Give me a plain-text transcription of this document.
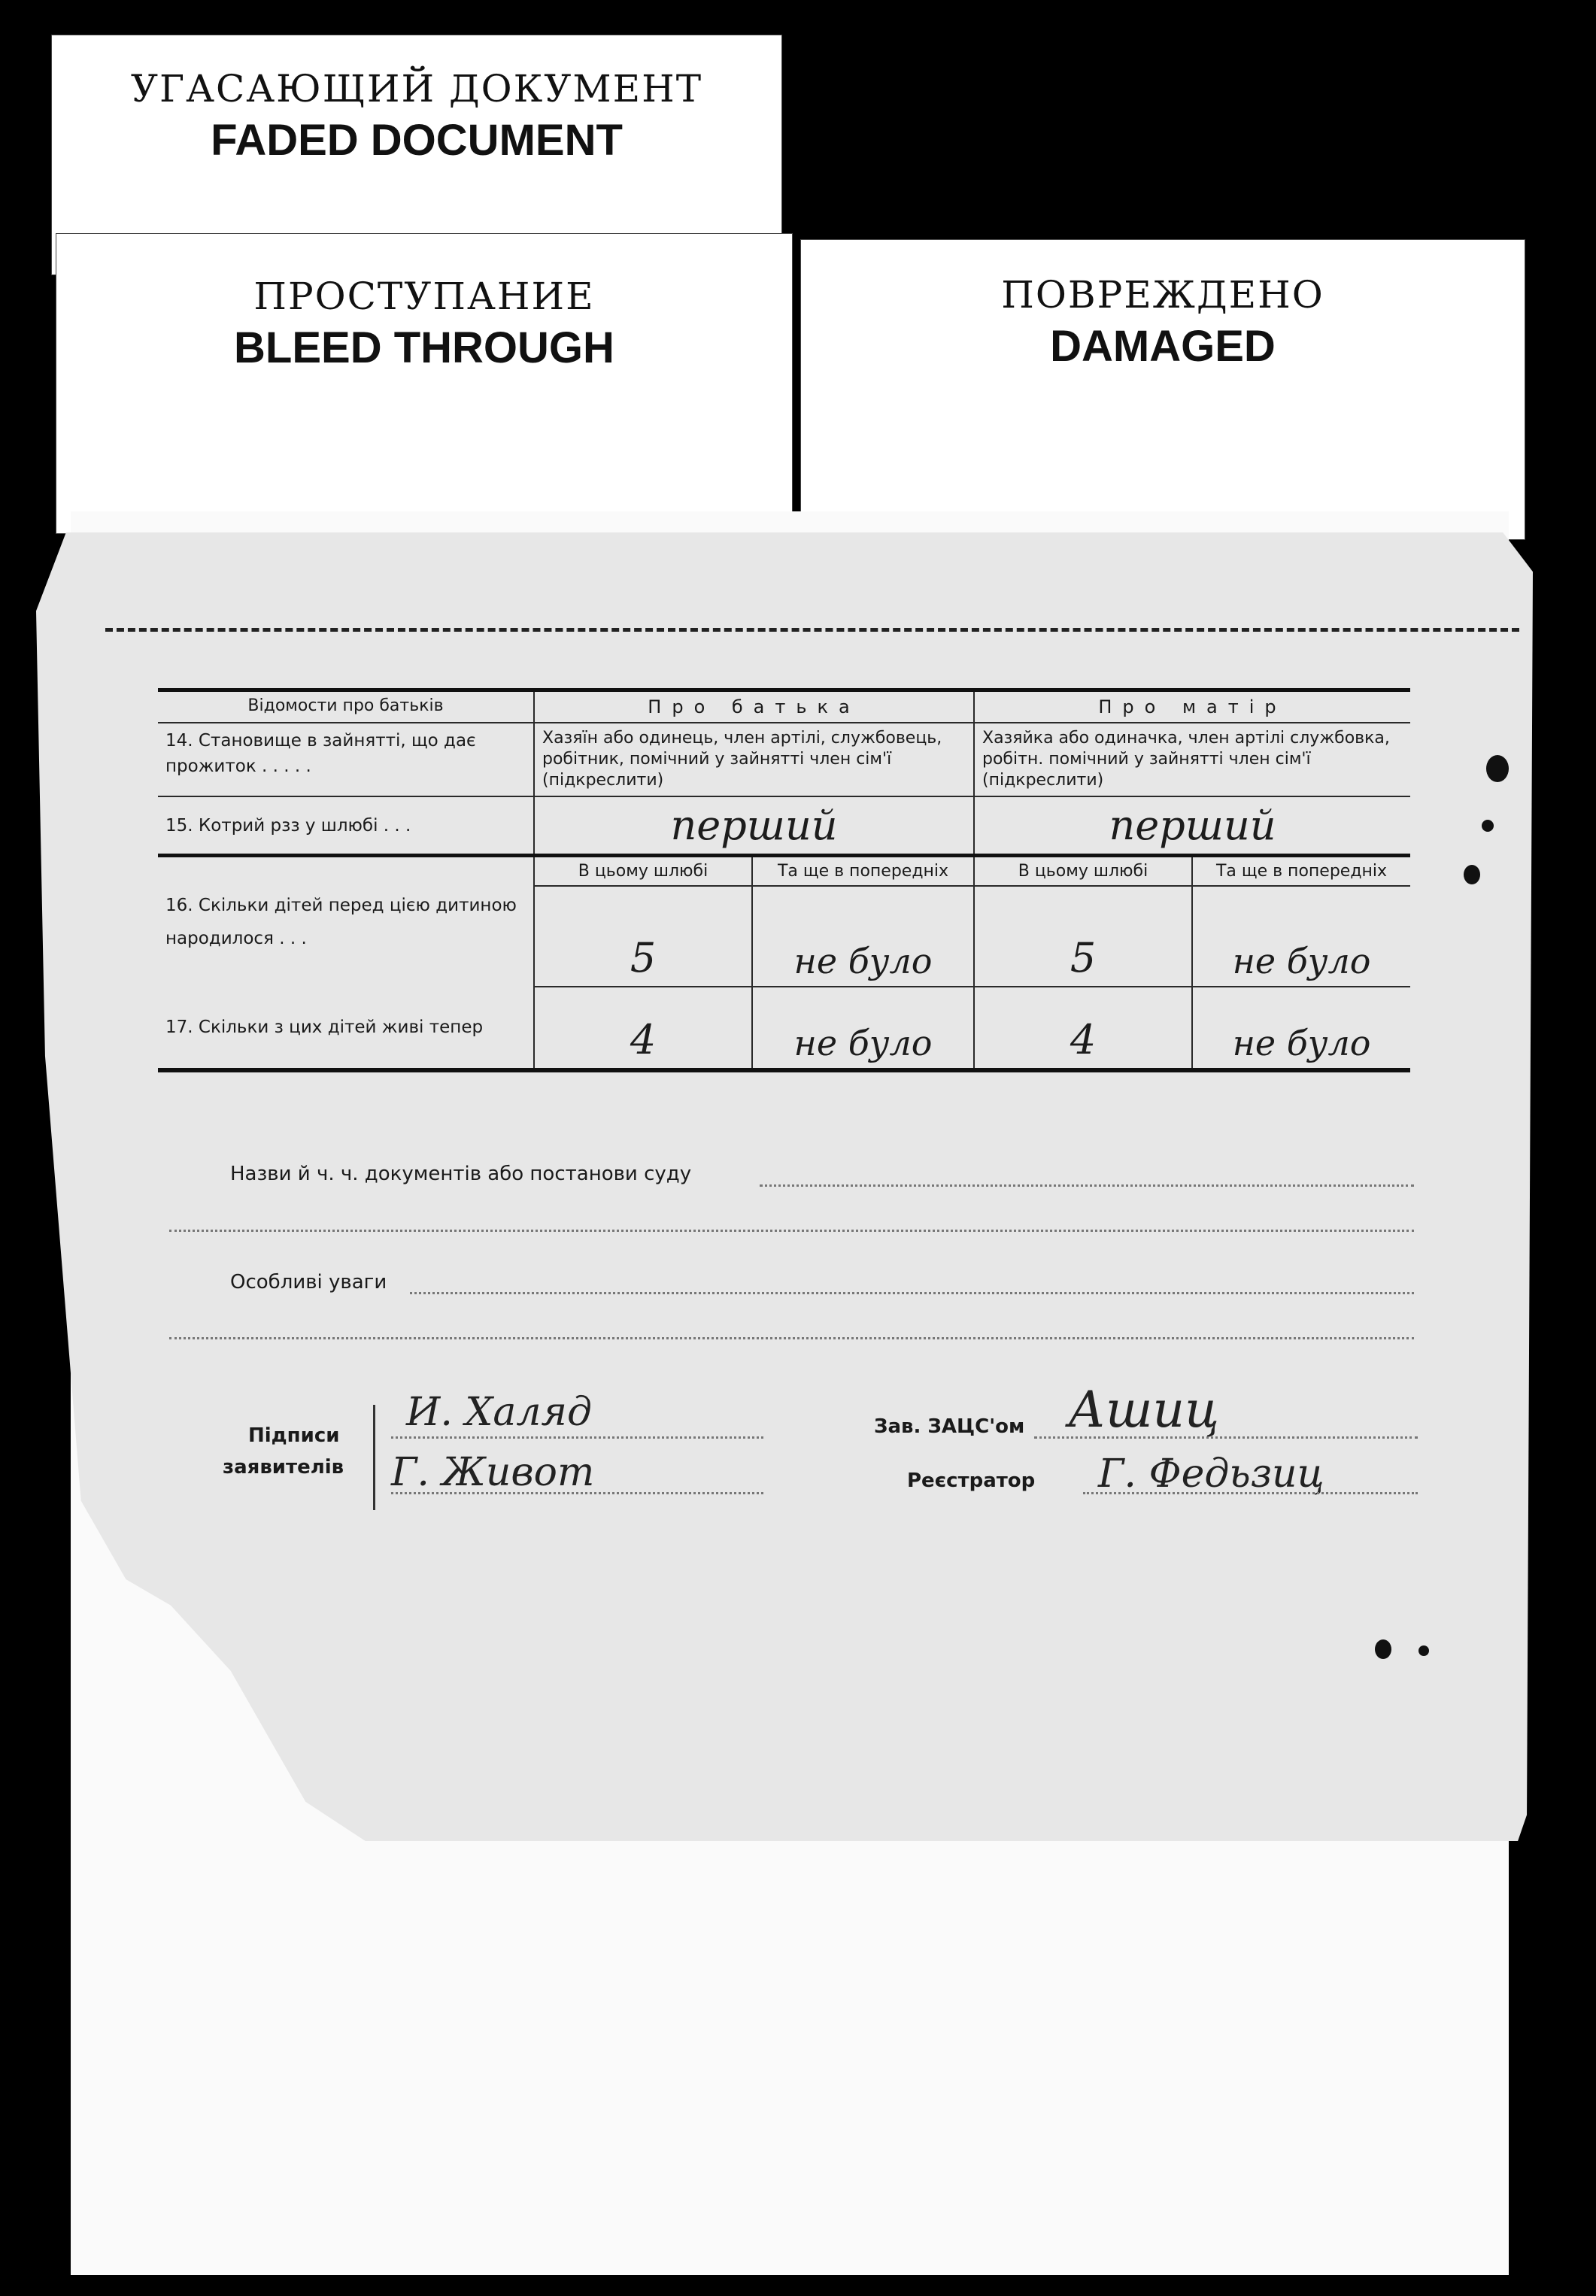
УГАСАЮЩИЙ ДОКУМЕНТ
FADED DOCUMENT
ПРОСТУПАНИЕ
BLEED THROUGH
ПОВРЕЖДЕНО
DAMAGED
Відомости про батьків	Про батька		Про матір	
14. Становище в зайнятті, що дає прожиток . . . . .	Хазяїн або одинець, член артілі, службовець, робітник, помічний у зайнятті член сім'ї (підкреслити)		Хазяйка або одиначка, член артілі службовка, робітн. помічний у зайнятті член сім'ї (підкреслити)	
15. Котрий рзз у шлюбі . . .	перший		перший	
16. Скільки дітей перед цією дитиною народилося . . .	В цьому шлюбі	Та ще в попередніх	В цьому шлюбі	Та ще в попередніх
	5	не було	5	не було
17. Скільки з цих дітей живі тепер	4	не було	4	не було
Назви й ч. ч. документів або постанови суду
Особливі уваги
Підписи
заявителів
И. Халяд
Г. Живот
Зав. ЗАЦС'ом Ашиц
Реєстратор Г. Федьзиц
